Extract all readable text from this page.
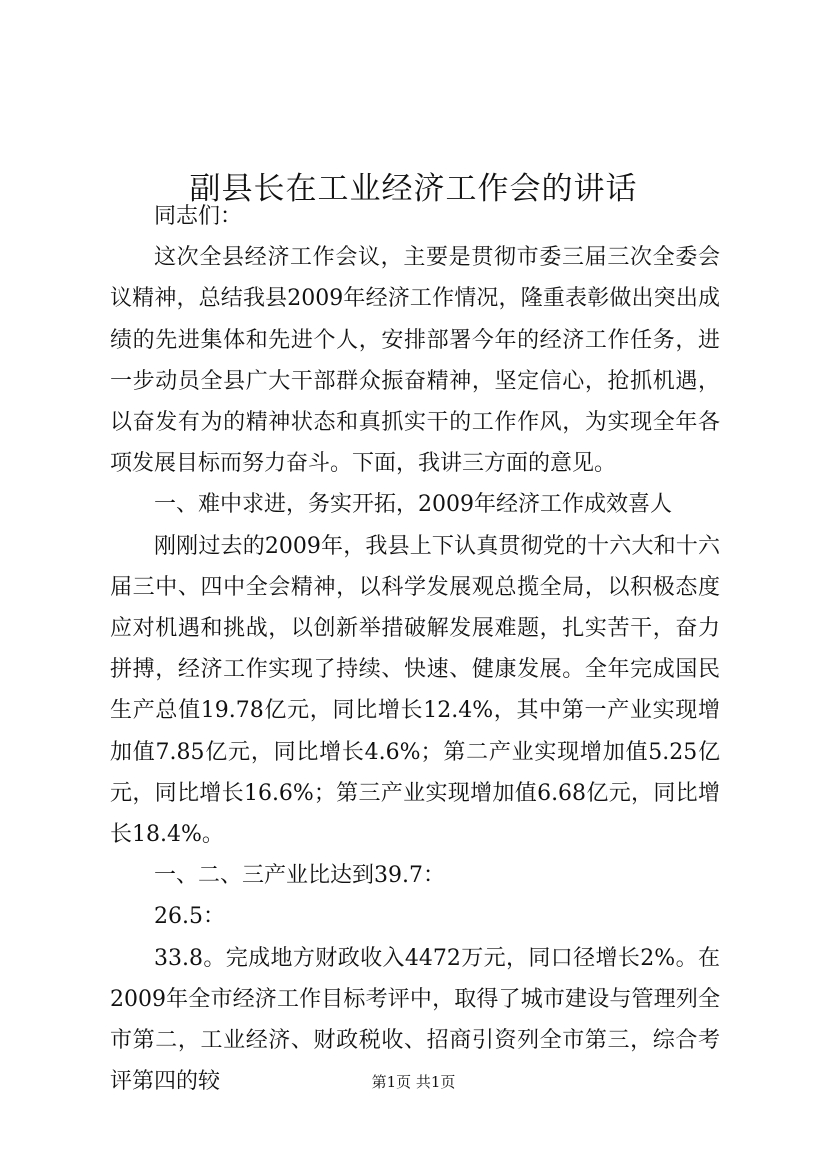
副县长在工业经济工作会的讲话

同志们：

这次全县经济工作会议，主要是贯彻市委三届三次全委会议精神，总结我县2009年经济工作情况，隆重表彰做出突出成绩的先进集体和先进个人，安排部署今年的经济工作任务，进一步动员全县广大干部群众振奋精神，坚定信心，抢抓机遇，以奋发有为的精神状态和真抓实干的工作作风，为实现全年各项发展目标而努力奋斗。下面，我讲三方面的意见。

一、难中求进，务实开拓，2009年经济工作成效喜人

刚刚过去的2009年，我县上下认真贯彻党的十六大和十六届三中、四中全会精神，以科学发展观总揽全局，以积极态度应对机遇和挑战，以创新举措破解发展难题，扎实苦干，奋力拼搏，经济工作实现了持续、快速、健康发展。全年完成国民生产总值19.78亿元，同比增长12.4%，其中第一产业实现增加值7.85亿元，同比增长4.6%；第二产业实现增加值5.25亿元，同比增长16.6%；第三产业实现增加值6.68亿元，同比增长18.4%。

一、二、三产业比达到39.7：

26.5：

33.8。完成地方财政收入4472万元，同口径增长2%。在2009年全市经济工作目标考评中，取得了城市建设与管理列全市第二，工业经济、财政税收、招商引资列全市第三，综合考评第四的较	第1页 共1页
